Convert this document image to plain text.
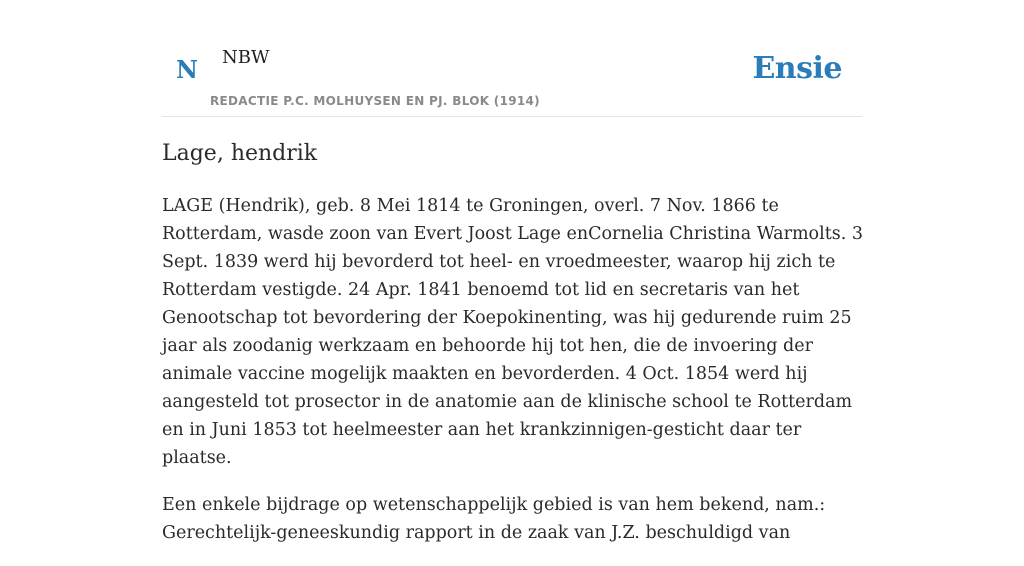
N NBW
REDACTIE P.C. MOLHUYSEN EN PJ. BLOK (1914)
Ensie
Lage, hendrik

LAGE (Hendrik), geb. 8 Mei 1814 te Groningen, overl. 7 Nov. 1866 te Rotterdam, wasde zoon van Evert Joost Lage enCornelia Christina Warmolts. 3 Sept. 1839 werd hij bevorderd tot heel- en vroedmeester, waarop hij zich te Rotterdam vestigde. 24 Apr. 1841 benoemd tot lid en secretaris van het Genootschap tot bevordering der Koepokinenting, was hij gedurende ruim 25 jaar als zoodanig werkzaam en behoorde hij tot hen, die de invoering der animale vaccine mogelijk maakten en bevorderden. 4 Oct. 1854 werd hij aangesteld tot prosector in de anatomie aan de klinische school te Rotterdam en in Juni 1853 tot heelmeester aan het krankzinnigen-gesticht daar ter plaatse.

Een enkele bijdrage op wetenschappelijk gebied is van hem bekend, nam.: Gerechtelijk-geneeskundig rapport in de zaak van J.Z. beschuldigd van
